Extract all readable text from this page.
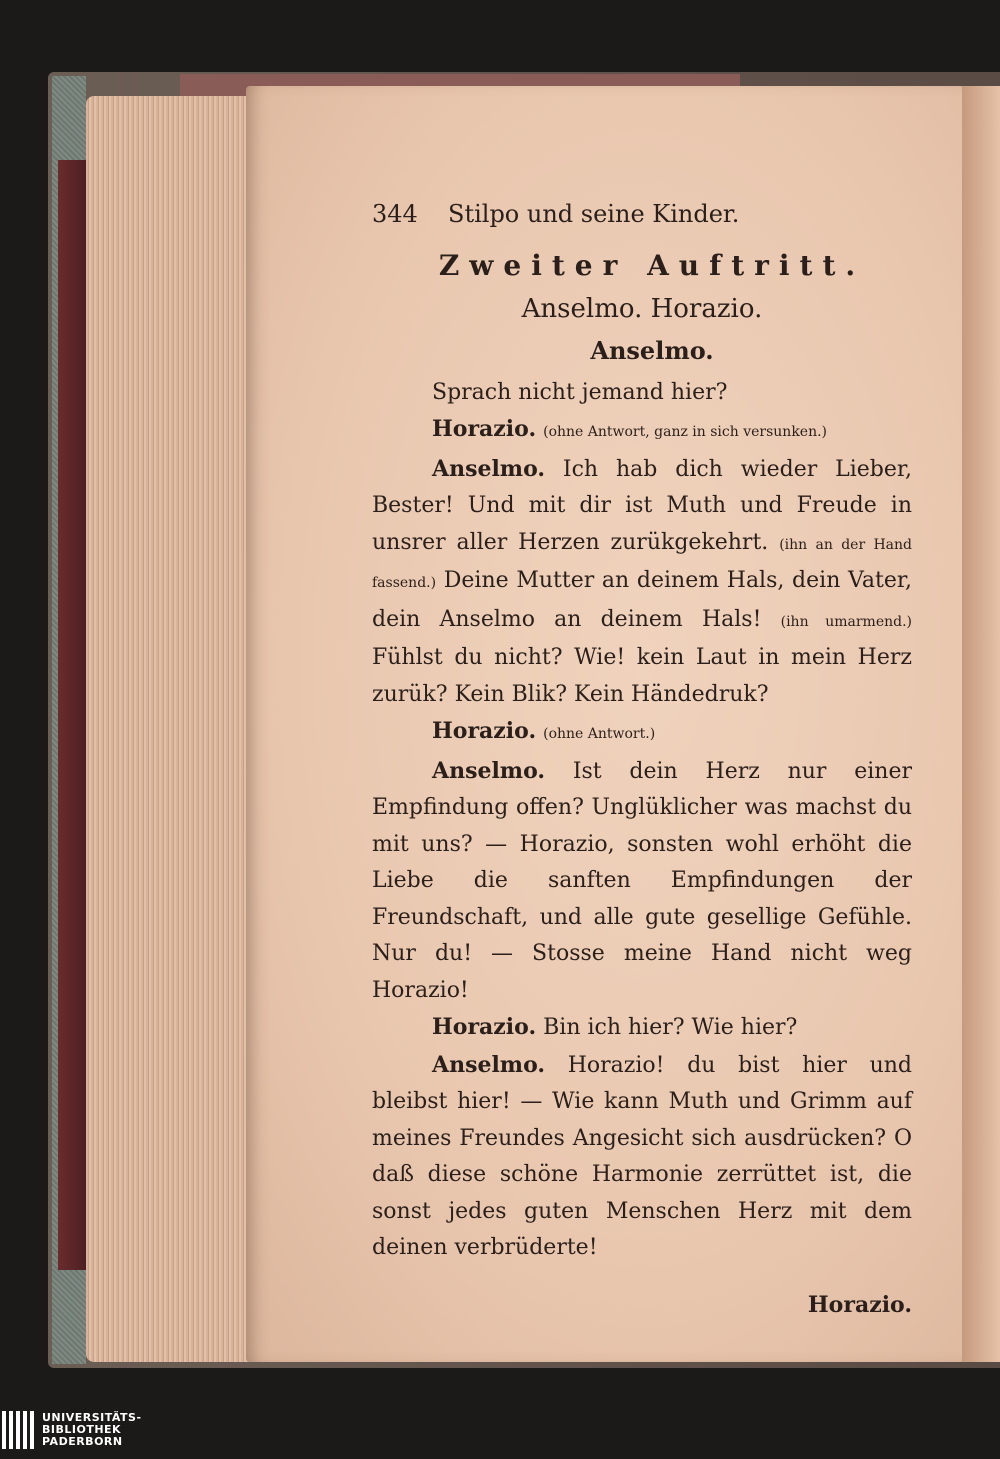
344	Stilpo und seine Kinder.
Zweiter Auftritt.
Anselmo. Horazio.
Anselmo.

Sprach nicht jemand hier?

Horazio. (ohne Antwort, ganz in sich versunken.)

Anselmo. Ich hab dich wieder Lieber, Bester! Und mit dir ist Muth und Freude in unsrer aller Herzen zurükgekehrt. (ihn an der Hand fassend.) Deine Mutter an deinem Hals, dein Vater, dein Anselmo an deinem Hals! (ihn umarmend.) Fühlst du nicht? Wie! kein Laut in mein Herz zurük? Kein Blik? Kein Händedruk?

Horazio. (ohne Antwort.)

Anselmo. Ist dein Herz nur einer Empfindung offen? Unglüklicher was machst du mit uns? — Horazio, sonsten wohl erhöht die Liebe die sanften Empfindungen der Freundschaft, und alle gute gesellige Gefühle. Nur du! — Stosse meine Hand nicht weg Horazio!

Horazio. Bin ich hier? Wie hier?

Anselmo. Horazio! du bist hier und bleibst hier! — Wie kann Muth und Grimm auf meines Freundes Angesicht sich ausdrücken? O daß diese schöne Harmonie zerrüttet ist, die sonst jedes guten Menschen Herz mit dem deinen verbrüderte!

Horazio.
UNIVERSITÄTS-
BIBLIOTHEK
PADERBORN
